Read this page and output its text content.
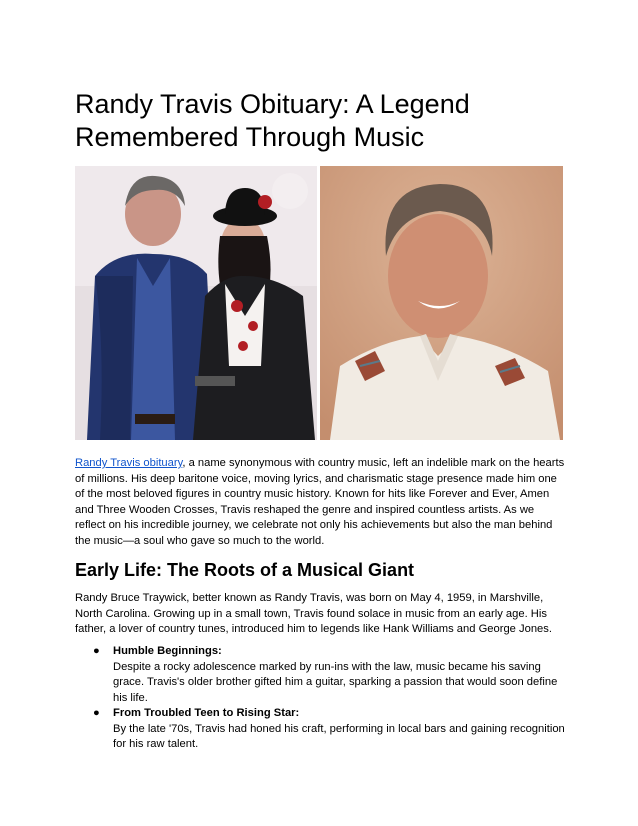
Randy Travis Obituary: A Legend Remembered Through Music

Randy Travis obituary, a name synonymous with country music, left an indelible mark on the hearts of millions. His deep baritone voice, moving lyrics, and charismatic stage presence made him one of the most beloved figures in country music history. Known for hits like Forever and Ever, Amen and Three Wooden Crosses, Travis reshaped the genre and inspired countless artists. As we reflect on his incredible journey, we celebrate not only his achievements but also the man behind the music—a soul who gave so much to the world.

Early Life: The Roots of a Musical Giant

Randy Bruce Traywick, better known as Randy Travis, was born on May 4, 1959, in Marshville, North Carolina. Growing up in a small town, Travis found solace in music from an early age. His father, a lover of country tunes, introduced him to legends like Hank Williams and George Jones.

● Humble Beginnings:
Despite a rocky adolescence marked by run-ins with the law, music became his saving grace. Travis's older brother gifted him a guitar, sparking a passion that would soon define his life.
● From Troubled Teen to Rising Star:
By the late '70s, Travis had honed his craft, performing in local bars and gaining recognition for his raw talent.
